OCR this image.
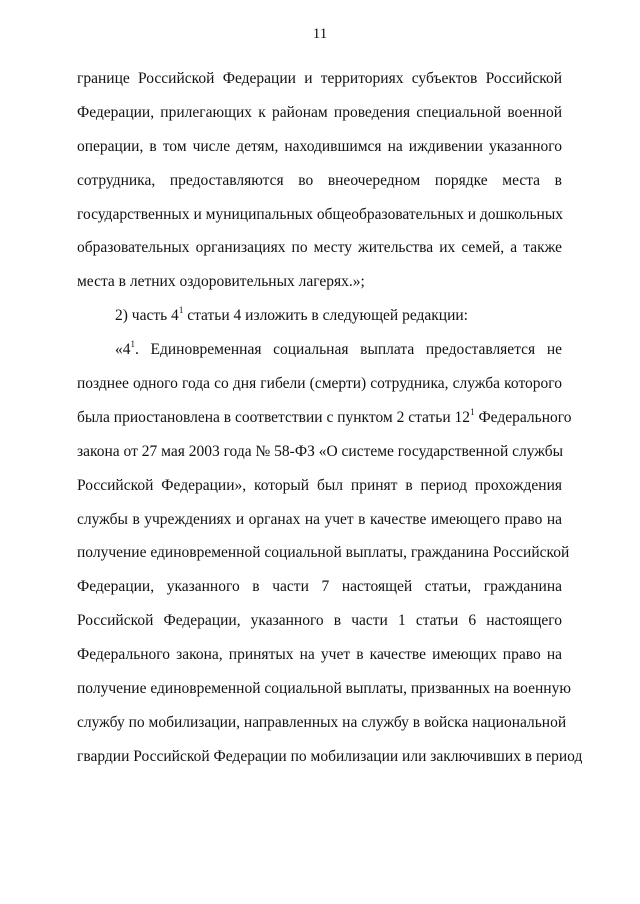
11
границе Российской Федерации и территориях субъектов Российской
Федерации, прилегающих к районам проведения специальной военной
операции, в том числе детям, находившимся на иждивении указанного
сотрудника, предоставляются во внеочередном порядке места в
государственных и муниципальных общеобразовательных и дошкольных
образовательных организациях по месту жительства их семей, а также
места в летних оздоровительных лагерях.»;
2) часть $4^1$ статьи 4 изложить в следующей редакции:
«$4^1$. Единовременная социальная выплата предоставляется не
позднее одного года со дня гибели (смерти) сотрудника, служба которого
была приостановлена в соответствии с пунктом 2 статьи $12^1$ Федерального
закона от 27 мая 2003 года № 58-ФЗ «О системе государственной службы
Российской Федерации», который был принят в период прохождения
службы в учреждениях и органах на учет в качестве имеющего право на
получение единовременной социальной выплаты, гражданина Российской
Федерации, указанного в части 7 настоящей статьи, гражданина
Российской Федерации, указанного в части 1 статьи 6 настоящего
Федерального закона, принятых на учет в качестве имеющих право на
получение единовременной социальной выплаты, призванных на военную
службу по мобилизации, направленных на службу в войска национальной
гвардии Российской Федерации по мобилизации или заключивших в период
